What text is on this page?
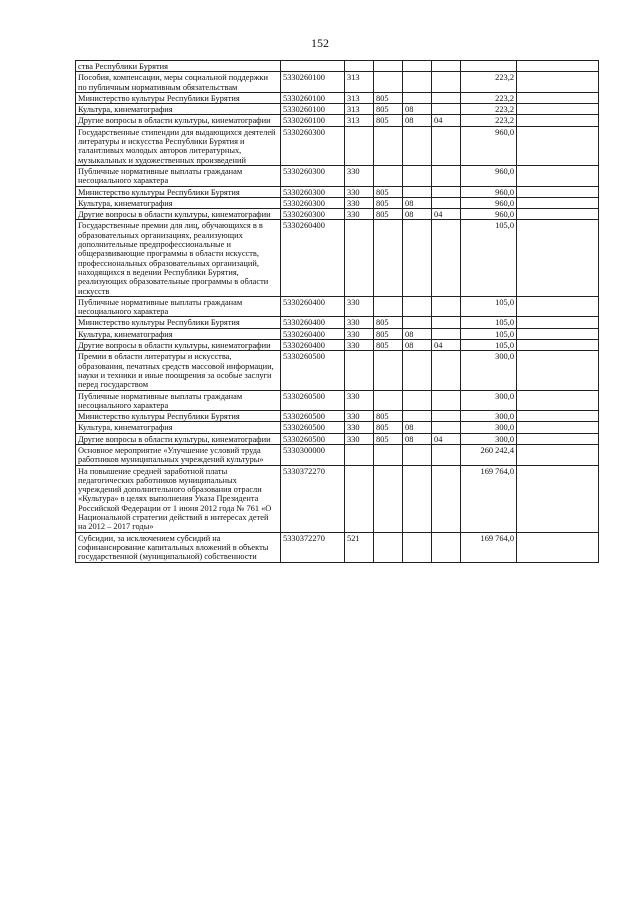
152
ства Республики Бурятия							
Пособия, компенсации, меры социальной поддержки по публичным нормативным обязательствам	5330260100	313				223,2	
Министерство культуры Республики Бурятия	5330260100	313	805			223,2	
Культура, кинематография	5330260100	313	805	08		223,2	
Другие вопросы в области культуры, кинематографии	5330260100	313	805	08	04	223,2	
Государственные стипендии для выдающихся деятелей литературы и искусства Республики Бурятия и талантливых молодых авторов литературных, музыкальных и художественных произведений	5330260300					960,0	
Публичные нормативные выплаты гражданам несоциального характера	5330260300	330				960,0	
Министерство культуры Республики Бурятия	5330260300	330	805			960,0	
Культура, кинематография	5330260300	330	805	08		960,0	
Другие вопросы в области культуры, кинематографии	5330260300	330	805	08	04	960,0	
Государственные премии для лиц, обучающихся в в образовательных организациях, реализующих дополнительные предпрофессиональные и общеразвивающие программы в области искусств, профессиональных образовательных организаций, находящихся в ведении Республики Бурятия, реализующих образовательные программы в области искусств	5330260400					105,0	
Публичные нормативные выплаты гражданам несоциального характера	5330260400	330				105,0	
Министерство культуры Республики Бурятия	5330260400	330	805			105,0	
Культура, кинематография	5330260400	330	805	08		105,0	
Другие вопросы в области культуры, кинематографии	5330260400	330	805	08	04	105,0	
Премии в области литературы и искусства, образования, печатных средств массовой информации, науки и техники и иные поощрения за особые заслуги перед государством	5330260500					300,0	
Публичные нормативные выплаты гражданам несоциального характера	5330260500	330				300,0	
Министерство культуры Республики Бурятия	5330260500	330	805			300,0	
Культура, кинематография	5330260500	330	805	08		300,0	
Другие вопросы в области культуры, кинематографии	5330260500	330	805	08	04	300,0	
Основное мероприятие «Улучшение условий труда работников муниципальных учреждений культуры»	5330300000					260 242,4	
На повышение средней заработной платы педагогических работников муниципальных учреждений дополнительного образования отрасли «Культура» в целях выполнения Указа Президента Российской Федерации от 1 июня 2012 года № 761 «О Национальной стратегии действий в интересах детей на 2012 – 2017 годы»	5330372270					169 764,0	
Субсидии, за исключением субсидий на софинансирование капитальных вложений в объекты государственной (муниципальной) собственности	5330372270	521				169 764,0	
